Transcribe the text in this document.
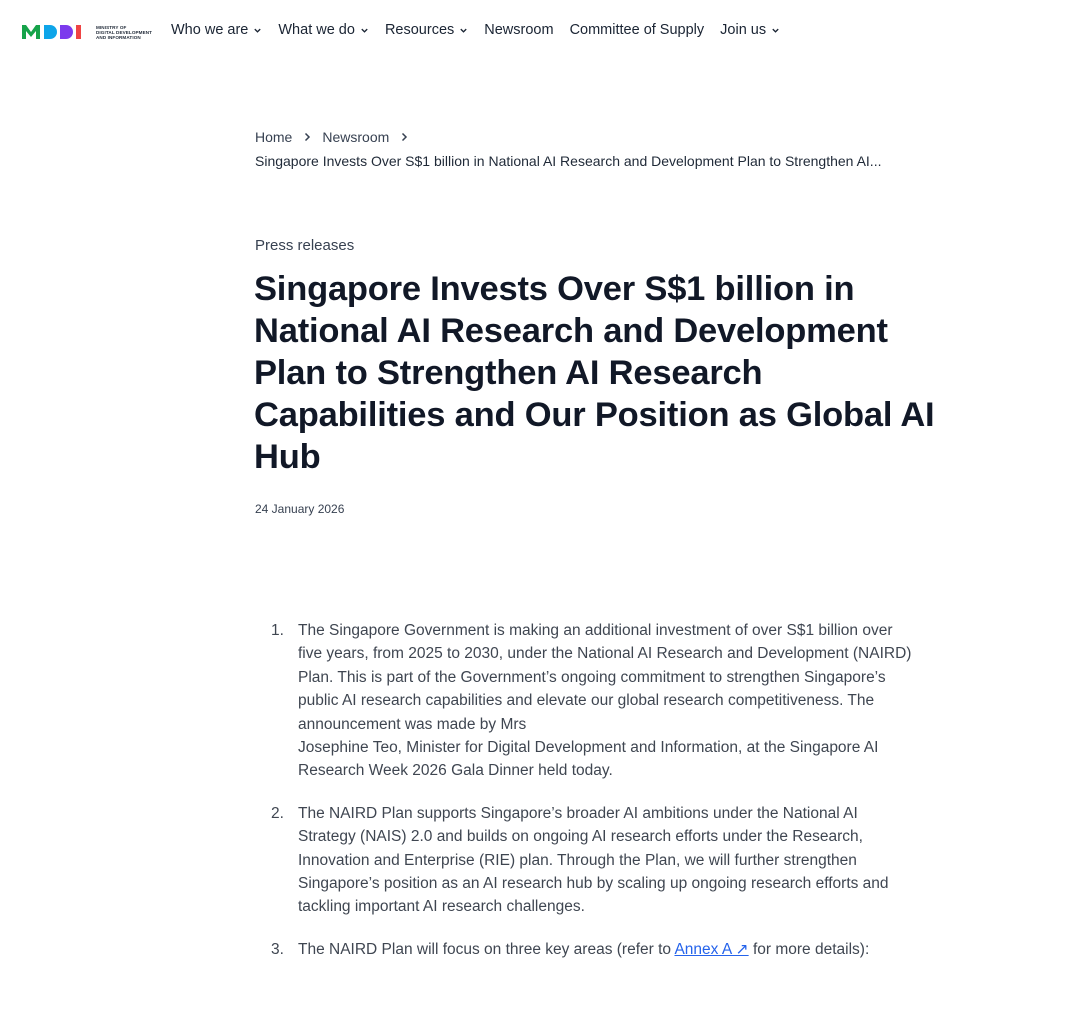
MINISTRY OF
DIGITAL DEVELOPMENT
AND INFORMATION	Who we are What we do Resources Newsroom Committee of Supply Join us
Home Newsroom
Singapore Invests Over S$1 billion in National AI Research and Development Plan to Strengthen AI...
Press releases
Singapore Invests Over S$1 billion in National AI Research and Development Plan to Strengthen AI Research Capabilities and Our Position as Global AI Hub
24 January 2026
1. The Singapore Government is making an additional investment of over S$1 billion over five years, from 2025 to 2030, under the National AI Research and Development (NAIRD) Plan. This is part of the Government’s ongoing commitment to strengthen Singapore’s public AI research capabilities and elevate our global research competitiveness. The announcement was made by Mrs
Josephine Teo, Minister for Digital Development and Information, at the Singapore AI Research Week 2026 Gala Dinner held today.
2. The NAIRD Plan supports Singapore’s broader AI ambitions under the National AI Strategy (NAIS) 2.0 and builds on ongoing AI research efforts under the Research, Innovation and Enterprise (RIE) plan. Through the Plan, we will further strengthen Singapore’s position as an AI research hub by scaling up ongoing research efforts and tackling important AI research challenges.
3. The NAIRD Plan will focus on three key areas (refer to Annex A ↗ for more details):
